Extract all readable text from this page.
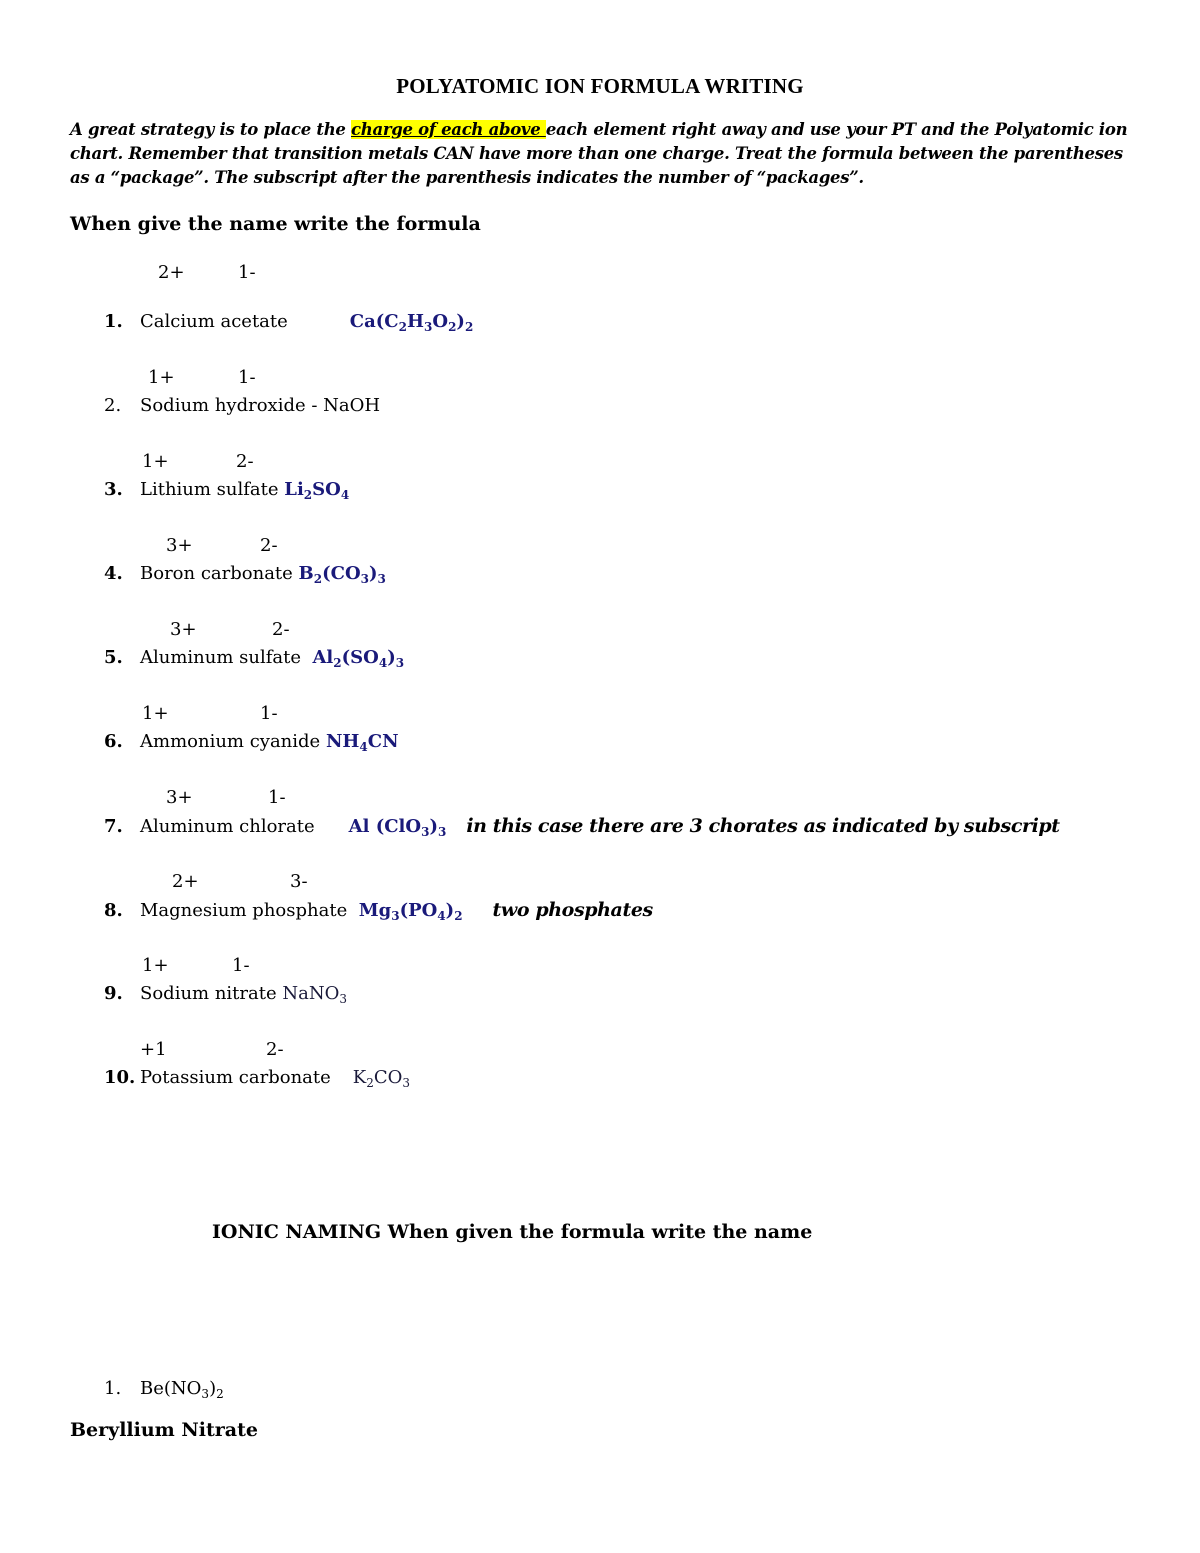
POLYATOMIC ION FORMULA WRITING
A great strategy is to place the charge of each above each element right away and use your PT and the Polyatomic ion chart. Remember that transition metals CAN have more than one charge. Treat the formula between the parentheses as a “package”. The subscript after the parenthesis indicates the number of “packages”.
When give the name write the formula
2+	1-
1. Calcium acetate	$Ca(C_2H_3O_2)_2$
1+	1-
2. Sodium hydroxide - NaOH
1+	2-
3. Lithium sulfate $Li_2SO_4$
3+	2-
4. Boron carbonate $B_2(CO_3)_3$
3+	2-
5. Aluminum sulfate $Al_2(SO_4)_3$
1+	1-
6. Ammonium cyanide $NH_4CN$
3+	1-
7. Aluminum chlorate Al $(ClO_3)_3$ in this case there are 3 chorates as indicated by subscript
2+	3-
8. Magnesium phosphate $Mg_3(PO_4)_2$ two phosphates
1+	1-
9. Sodium nitrate NaNO$_3$
+1	2-
10. Potassium carbonate $K_2CO_3$
IONIC NAMING When given the formula write the name
1. $Be(NO_3)_2$
Beryllium Nitrate
